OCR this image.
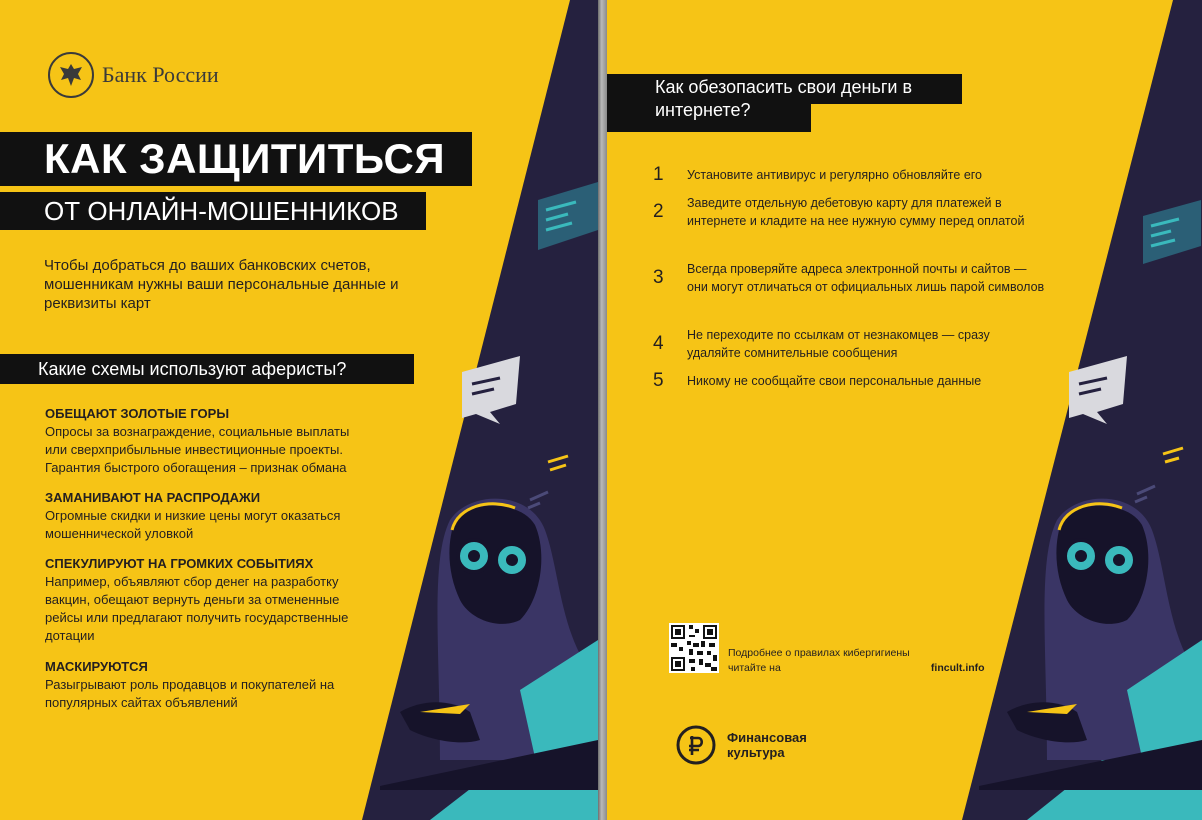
Банк России
КАК ЗАЩИТИТЬСЯ
ОТ ОНЛАЙН-МОШЕННИКОВ
Чтобы добраться до ваших банковских счетов, мошенникам нужны ваши персональные данные и реквизиты карт
Какие схемы используют аферисты?
ОБЕЩАЮТ ЗОЛОТЫЕ ГОРЫ
Опросы за вознаграждение, социальные выплаты или сверхприбыльные инвестиционные проекты. Гарантия быстрого обогащения – признак обмана
ЗАМАНИВАЮТ НА РАСПРОДАЖИ
Огромные скидки и низкие цены могут оказаться мошеннической уловкой
СПЕКУЛИРУЮТ НА ГРОМКИХ СОБЫТИЯХ
Например, объявляют сбор денег на разработку вакцин, обещают вернуть деньги за отмененные рейсы или предлагают получить государственные дотации
МАСКИРУЮТСЯ
Разыгрывают роль продавцов и покупателей на популярных сайтах объявлений
Как обезопасить свои деньги в интернете?
1	Установите антивирус и регулярно обновляйте его
2	Заведите отдельную дебетовую карту для платежей в интернете и кладите на нее нужную сумму перед оплатой
3	Всегда проверяйте адреса электронной почты и сайтов — они могут отличаться от официальных лишь парой символов
4	Не переходите по ссылкам от незнакомцев — сразу удаляйте сомнительные сообщения
5	Никому не сообщайте свои персональные данные
Подробнее о правилах кибергигиены читайте на	fincult.info
Финансовая культура
